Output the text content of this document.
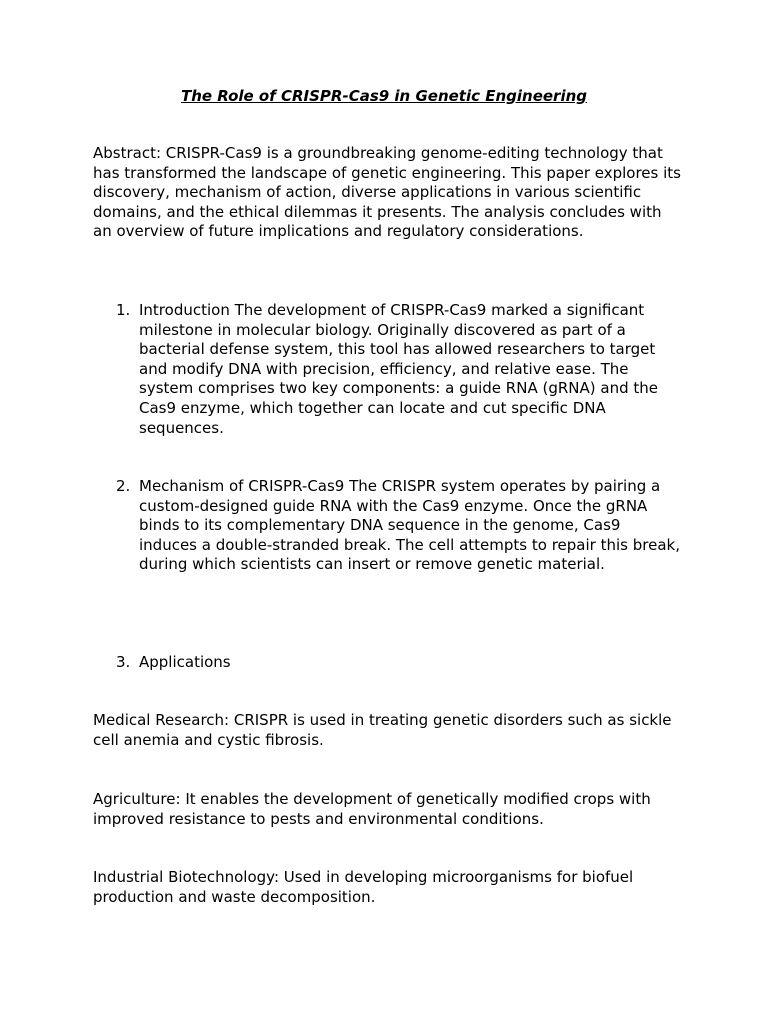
The Role of CRISPR-Cas9 in Genetic Engineering

Abstract: CRISPR-Cas9 is a groundbreaking genome-editing technology that has transformed the landscape of genetic engineering. This paper explores its discovery, mechanism of action, diverse applications in various scientific domains, and the ethical dilemmas it presents. The analysis concludes with an overview of future implications and regulatory considerations.

1. Introduction The development of CRISPR-Cas9 marked a significant milestone in molecular biology. Originally discovered as part of a bacterial defense system, this tool has allowed researchers to target and modify DNA with precision, efficiency, and relative ease. The system comprises two key components: a guide RNA (gRNA) and the Cas9 enzyme, which together can locate and cut specific DNA sequences.
2. Mechanism of CRISPR-Cas9 The CRISPR system operates by pairing a custom-designed guide RNA with the Cas9 enzyme. Once the gRNA binds to its complementary DNA sequence in the genome, Cas9 induces a double-stranded break. The cell attempts to repair this break, during which scientists can insert or remove genetic material.
3. Applications

Medical Research: CRISPR is used in treating genetic disorders such as sickle cell anemia and cystic fibrosis.

Agriculture: It enables the development of genetically modified crops with improved resistance to pests and environmental conditions.

Industrial Biotechnology: Used in developing microorganisms for biofuel production and waste decomposition.
